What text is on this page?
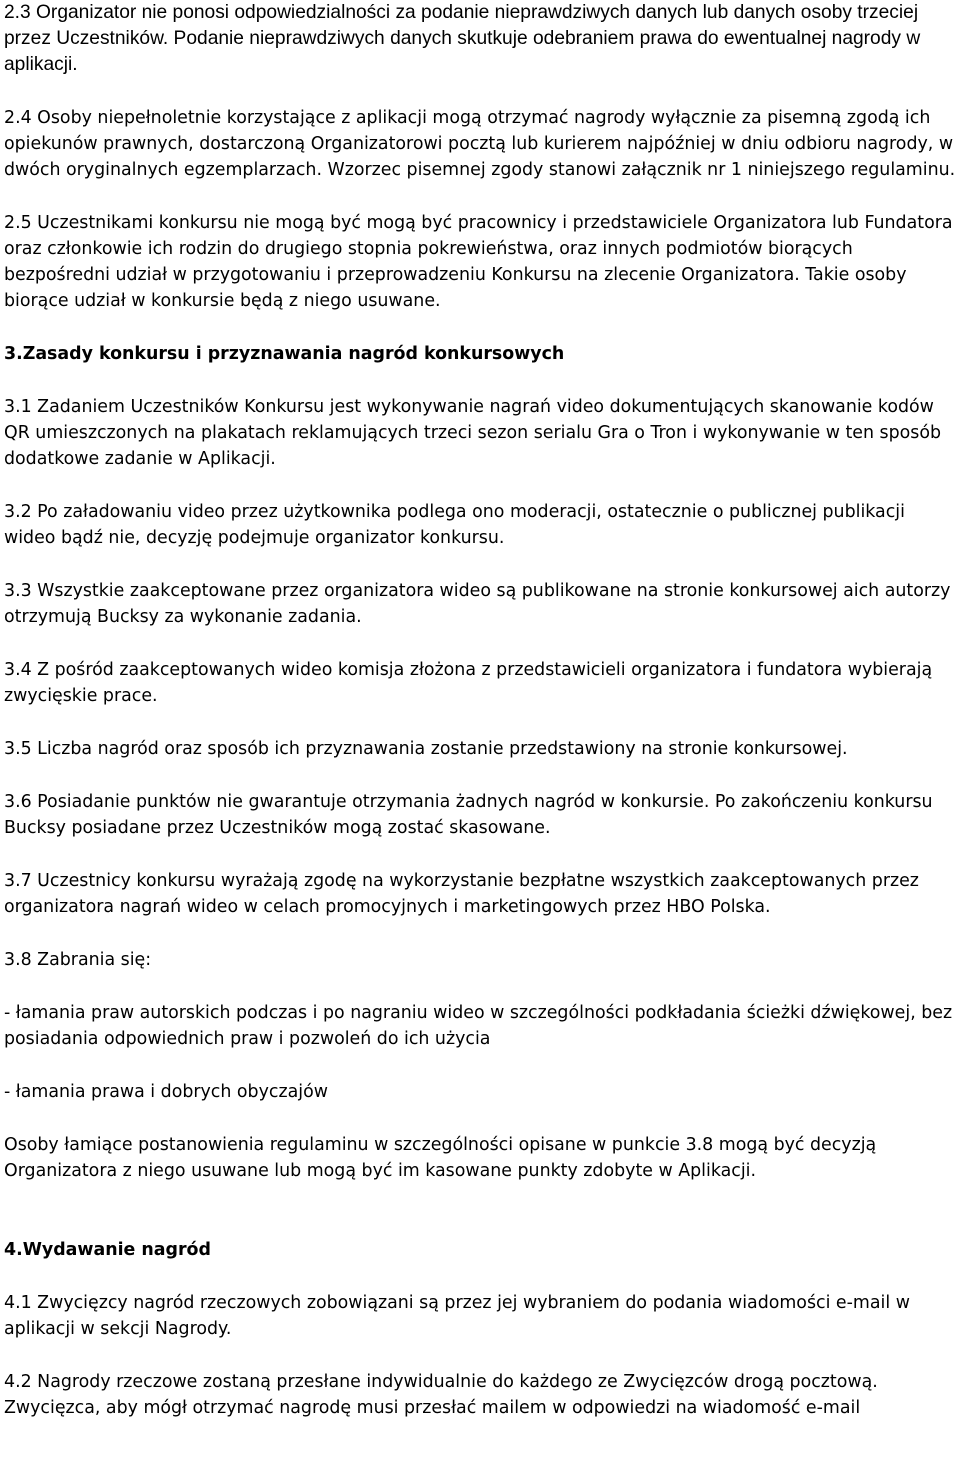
2.3 Organizator nie ponosi odpowiedzialności za podanie nieprawdziwych danych lub danych osoby trzeciej przez Uczestników. Podanie nieprawdziwych danych skutkuje odebraniem prawa do ewentualnej nagrody w aplikacji.

2.4 Osoby niepełnoletnie korzystające z aplikacji mogą otrzymać nagrody wyłącznie za pisemną zgodą ich opiekunów prawnych, dostarczoną Organizatorowi pocztą lub kurierem najpóźniej w dniu odbioru nagrody, w dwóch oryginalnych egzemplarzach. Wzorzec pisemnej zgody stanowi załącznik nr 1 niniejszego regulaminu.

2.5 Uczestnikami konkursu nie mogą być mogą być pracownicy i przedstawiciele Organizatora lub Fundatora oraz członkowie ich rodzin do drugiego stopnia pokrewieństwa, oraz innych podmiotów biorących bezpośredni udział w przygotowaniu i przeprowadzeniu Konkursu na zlecenie Organizatora. Takie osoby biorące udział w konkursie będą z niego usuwane.

3.Zasady konkursu i przyznawania nagród konkursowych

3.1 Zadaniem Uczestników Konkursu jest wykonywanie nagrań video dokumentujących skanowanie kodów QR umieszczonych na plakatach reklamujących trzeci sezon serialu Gra o Tron i wykonywanie w ten sposób dodatkowe zadanie w Aplikacji.

3.2 Po załadowaniu video przez użytkownika podlega ono moderacji, ostatecznie o publicznej publikacji wideo bądź nie, decyzję podejmuje organizator konkursu.

3.3 Wszystkie zaakceptowane przez organizatora wideo są publikowane na stronie konkursowej aich autorzy otrzymują Bucksy za wykonanie zadania.

3.4 Z pośród zaakceptowanych wideo komisja złożona z przedstawicieli organizatora i fundatora wybierają zwycięskie prace.

3.5 Liczba nagród oraz sposób ich przyznawania zostanie przedstawiony na stronie konkursowej.

3.6 Posiadanie punktów nie gwarantuje otrzymania żadnych nagród w konkursie. Po zakończeniu konkursu Bucksy posiadane przez Uczestników mogą zostać skasowane.

3.7 Uczestnicy konkursu wyrażają zgodę na wykorzystanie bezpłatne wszystkich zaakceptowanych przez organizatora nagrań wideo w celach promocyjnych i marketingowych przez HBO Polska.

3.8 Zabrania się:

- łamania praw autorskich podczas i po nagraniu wideo w szczególności podkładania ścieżki dźwiękowej, bez posiadania odpowiednich praw i pozwoleń do ich użycia

- łamania prawa i dobrych obyczajów

Osoby łamiące postanowienia regulaminu w szczególności opisane w punkcie 3.8 mogą być decyzją Organizatora z niego usuwane lub mogą być im kasowane punkty zdobyte w Aplikacji.

4.Wydawanie nagród

4.1 Zwycięzcy nagród rzeczowych zobowiązani są przez jej wybraniem do podania wiadomości e-mail w aplikacji w sekcji Nagrody.

4.2 Nagrody rzeczowe zostaną przesłane indywidualnie do każdego ze Zwycięzców drogą pocztową. Zwycięzca, aby mógł otrzymać nagrodę musi przesłać mailem w odpowiedzi na wiadomość e-mail
